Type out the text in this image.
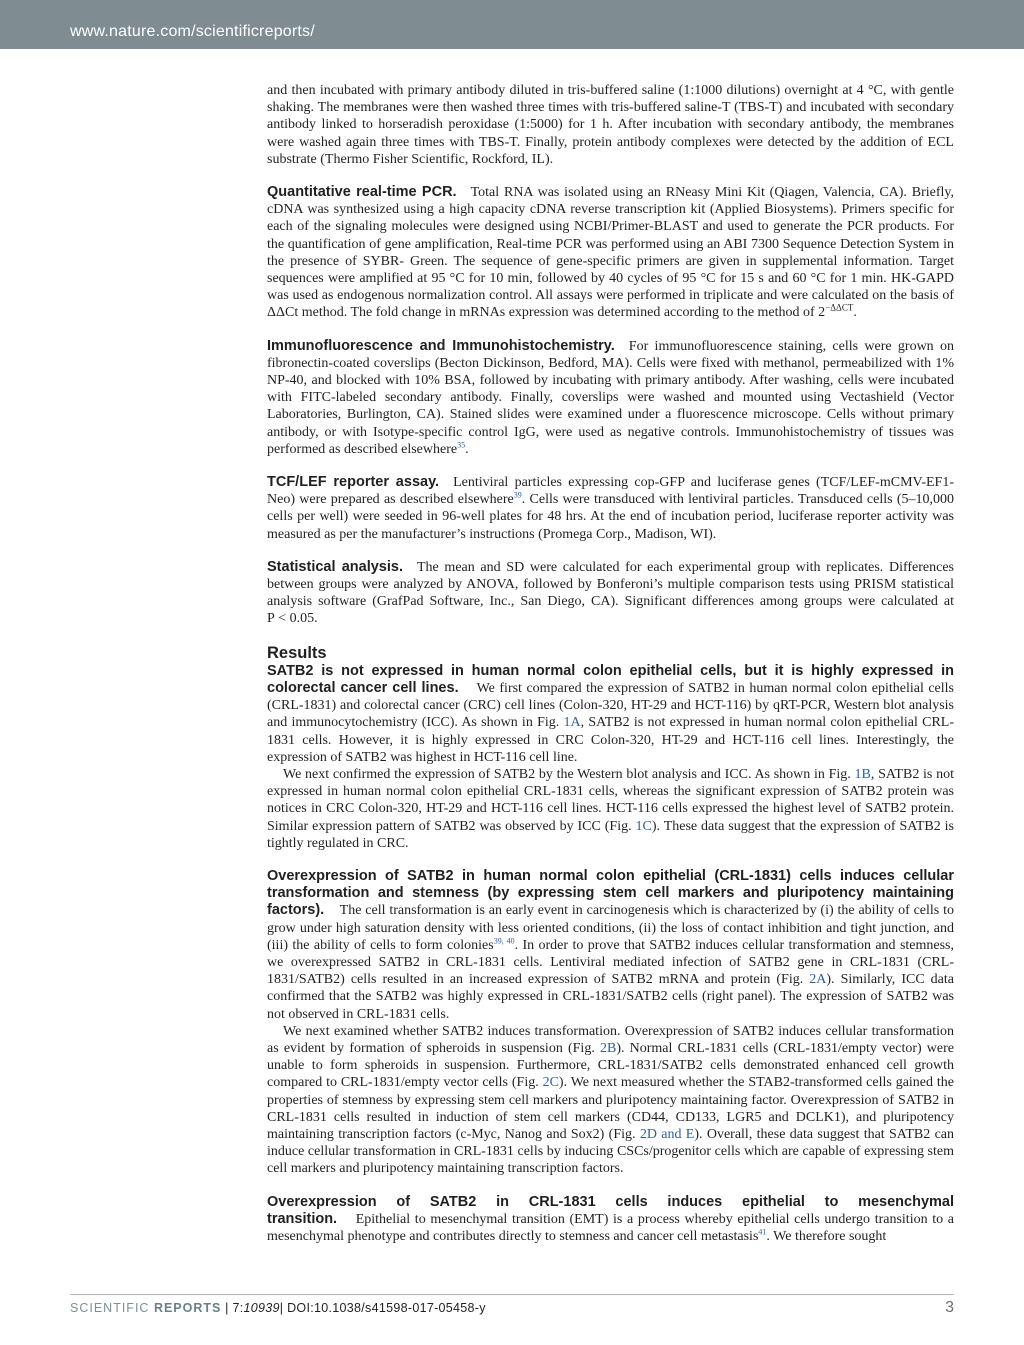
www.nature.com/scientificreports/

and then incubated with primary antibody diluted in tris-buffered saline (1:1000 dilutions) overnight at 4 °C, with gentle shaking. The membranes were then washed three times with tris-buffered saline-T (TBS-T) and incubated with secondary antibody linked to horseradish peroxidase (1:5000) for 1 h. After incubation with secondary antibody, the membranes were washed again three times with TBS-T. Finally, protein antibody complexes were detected by the addition of ECL substrate (Thermo Fisher Scientific, Rockford, IL).

Quantitative real-time PCR. Total RNA was isolated using an RNeasy Mini Kit (Qiagen, Valencia, CA). Briefly, cDNA was synthesized using a high capacity cDNA reverse transcription kit (Applied Biosystems). Primers specific for each of the signaling molecules were designed using NCBI/Primer-BLAST and used to generate the PCR products. For the quantification of gene amplification, Real-time PCR was performed using an ABI 7300 Sequence Detection System in the presence of SYBR- Green. The sequence of gene-specific primers are given in supplemental information. Target sequences were amplified at 95 °C for 10 min, followed by 40 cycles of 95 °C for 15 s and 60 °C for 1 min. HK-GAPD was used as endogenous normalization control. All assays were performed in triplicate and were calculated on the basis of ΔΔCt method. The fold change in mRNAs expression was determined according to the method of $2^{-\Delta\Delta CT}$.

Immunofluorescence and Immunohistochemistry. For immunofluorescence staining, cells were grown on fibronectin-coated coverslips (Becton Dickinson, Bedford, MA). Cells were fixed with methanol, permeabilized with 1% NP-40, and blocked with 10% BSA, followed by incubating with primary antibody. After washing, cells were incubated with FITC-labeled secondary antibody. Finally, coverslips were washed and mounted using Vectashield (Vector Laboratories, Burlington, CA). Stained slides were examined under a fluorescence microscope. Cells without primary antibody, or with Isotype-specific control IgG, were used as negative controls. Immunohistochemistry of tissues was performed as described elsewhere$^{35}$.

TCF/LEF reporter assay. Lentiviral particles expressing cop-GFP and luciferase genes (TCF/LEF-mCMV-EF1-Neo) were prepared as described elsewhere$^{39}$. Cells were transduced with lentiviral particles. Transduced cells (5–10,000 cells per well) were seeded in 96-well plates for 48 hrs. At the end of incubation period, luciferase reporter activity was measured as per the manufacturer’s instructions (Promega Corp., Madison, WI).

Statistical analysis. The mean and SD were calculated for each experimental group with replicates. Differences between groups were analyzed by ANOVA, followed by Bonferoni’s multiple comparison tests using PRISM statistical analysis software (GrafPad Software, Inc., San Diego, CA). Significant differences among groups were calculated at P < 0.05.

Results

SATB2 is not expressed in human normal colon epithelial cells, but it is highly expressed in colorectal cancer cell lines. We first compared the expression of SATB2 in human normal colon epithelial cells (CRL-1831) and colorectal cancer (CRC) cell lines (Colon-320, HT-29 and HCT-116) by qRT-PCR, Western blot analysis and immunocytochemistry (ICC). As shown in Fig. 1A, SATB2 is not expressed in human normal colon epithelial CRL-1831 cells. However, it is highly expressed in CRC Colon-320, HT-29 and HCT-116 cell lines. Interestingly, the expression of SATB2 was highest in HCT-116 cell line.

We next confirmed the expression of SATB2 by the Western blot analysis and ICC. As shown in Fig. 1B, SATB2 is not expressed in human normal colon epithelial CRL-1831 cells, whereas the significant expression of SATB2 protein was notices in CRC Colon-320, HT-29 and HCT-116 cell lines. HCT-116 cells expressed the highest level of SATB2 protein. Similar expression pattern of SATB2 was observed by ICC (Fig. 1C). These data suggest that the expression of SATB2 is tightly regulated in CRC.

Overexpression of SATB2 in human normal colon epithelial (CRL-1831) cells induces cellular transformation and stemness (by expressing stem cell markers and pluripotency maintaining factors). The cell transformation is an early event in carcinogenesis which is characterized by (i) the ability of cells to grow under high saturation density with less oriented conditions, (ii) the loss of contact inhibition and tight junction, and (iii) the ability of cells to form colonies$^{39, 40}$. In order to prove that SATB2 induces cellular transformation and stemness, we overexpressed SATB2 in CRL-1831 cells. Lentiviral mediated infection of SATB2 gene in CRL-1831 (CRL-1831/SATB2) cells resulted in an increased expression of SATB2 mRNA and protein (Fig. 2A). Similarly, ICC data confirmed that the SATB2 was highly expressed in CRL-1831/SATB2 cells (right panel). The expression of SATB2 was not observed in CRL-1831 cells.

We next examined whether SATB2 induces transformation. Overexpression of SATB2 induces cellular transformation as evident by formation of spheroids in suspension (Fig. 2B). Normal CRL-1831 cells (CRL-1831/empty vector) were unable to form spheroids in suspension. Furthermore, CRL-1831/SATB2 cells demonstrated enhanced cell growth compared to CRL-1831/empty vector cells (Fig. 2C). We next measured whether the STAB2-transformed cells gained the properties of stemness by expressing stem cell markers and pluripotency maintaining factor. Overexpression of SATB2 in CRL-1831 cells resulted in induction of stem cell markers (CD44, CD133, LGR5 and DCLK1), and pluripotency maintaining transcription factors (c-Myc, Nanog and Sox2) (Fig. 2D and E). Overall, these data suggest that SATB2 can induce cellular transformation in CRL-1831 cells by inducing CSCs/progenitor cells which are capable of expressing stem cell markers and pluripotency maintaining transcription factors.

Overexpression of SATB2 in CRL-1831 cells induces epithelial to mesenchymal transition. Epithelial to mesenchymal transition (EMT) is a process whereby epithelial cells undergo transition to a mesenchymal phenotype and contributes directly to stemness and cancer cell metastasis$^{41}$. We therefore sought

SCIENTIFIC REPORTS | 7:10939| DOI:10.1038/s41598-017-05458-y	3
